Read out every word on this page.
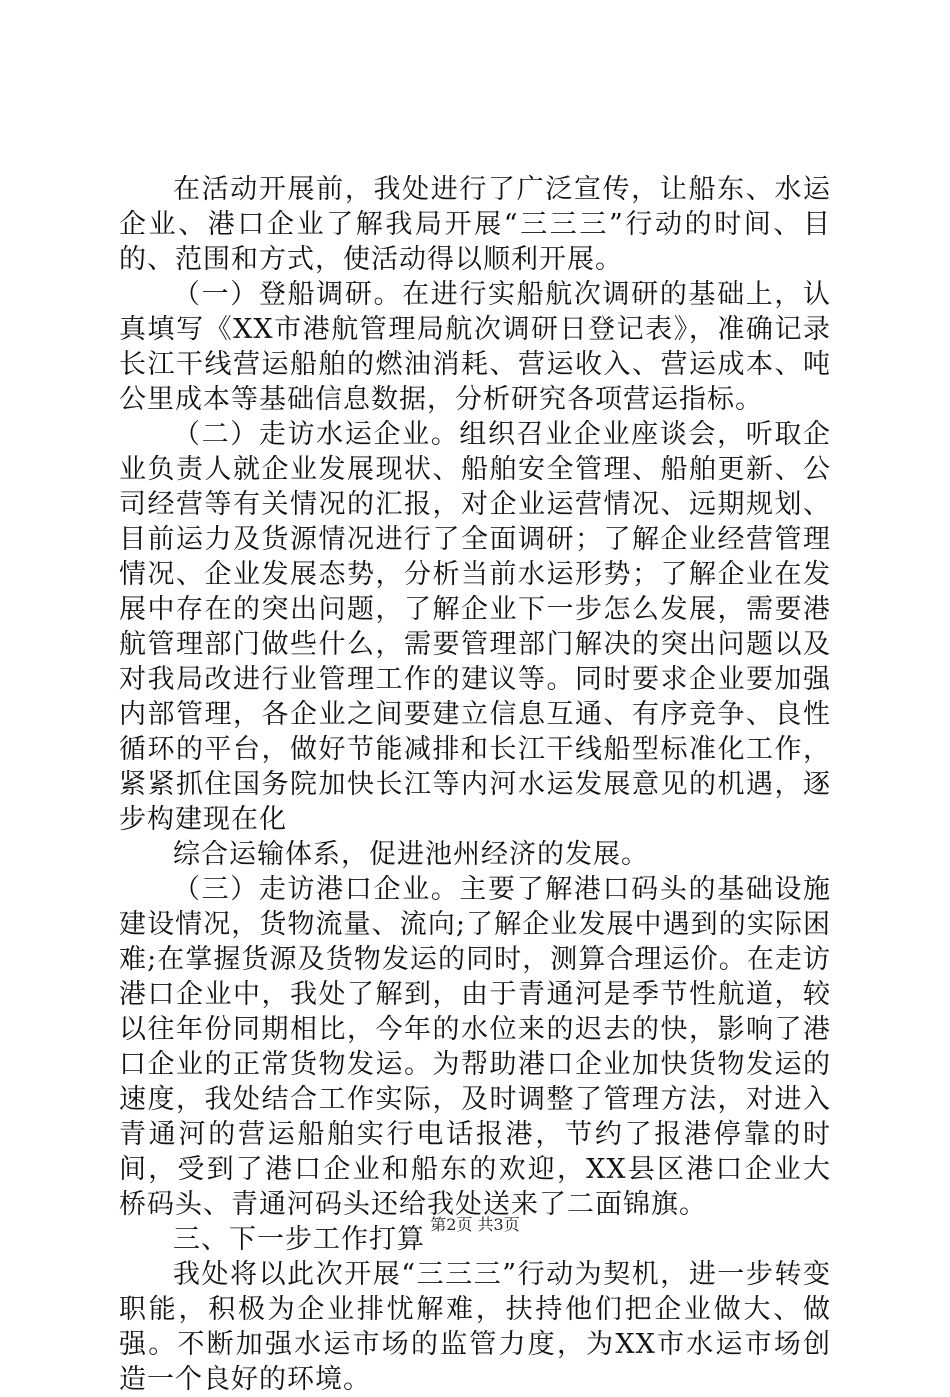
在活动开展前，我处进行了广泛宣传，让船东、水运企业、港口企业了解我局开展“三三三”行动的时间、目的、范围和方式，使活动得以顺利开展。

（一）登船调研。在进行实船航次调研的基础上，认真填写《XX市港航管理局航次调研日登记表》，准确记录长江干线营运船舶的燃油消耗、营运收入、营运成本、吨公里成本等基础信息数据，分析研究各项营运指标。

（二）走访水运企业。组织召业企业座谈会，听取企业负责人就企业发展现状、船舶安全管理、船舶更新、公司经营等有关情况的汇报，对企业运营情况、远期规划、目前运力及货源情况进行了全面调研；了解企业经营管理情况、企业发展态势，分析当前水运形势；了解企业在发展中存在的突出问题，了解企业下一步怎么发展，需要港航管理部门做些什么，需要管理部门解决的突出问题以及对我局改进行业管理工作的建议等。同时要求企业要加强内部管理，各企业之间要建立信息互通、有序竞争、良性循环的平台，做好节能减排和长江干线船型标准化工作，紧紧抓住国务院加快长江等内河水运发展意见的机遇，逐步构建现在化

综合运输体系，促进池州经济的发展。

（三）走访港口企业。主要了解港口码头的基础设施建设情况，货物流量、流向;了解企业发展中遇到的实际困难;在掌握货源及货物发运的同时，测算合理运价。在走访港口企业中，我处了解到，由于青通河是季节性航道，较以往年份同期相比，今年的水位来的迟去的快，影响了港口企业的正常货物发运。为帮助港口企业加快货物发运的速度，我处结合工作实际，及时调整了管理方法，对进入青通河的营运船舶实行电话报港，节约了报港停靠的时间，受到了港口企业和船东的欢迎，XX县区港口企业大桥码头、青通河码头还给我处送来了二面锦旗。

三、下一步工作打算

我处将以此次开展“三三三”行动为契机，进一步转变职能，积极为企业排忧解难，扶持他们把企业做大、做强。不断加强水运市场的监管力度，为XX市水运市场创造一个良好的环境。

第2页 共3页
